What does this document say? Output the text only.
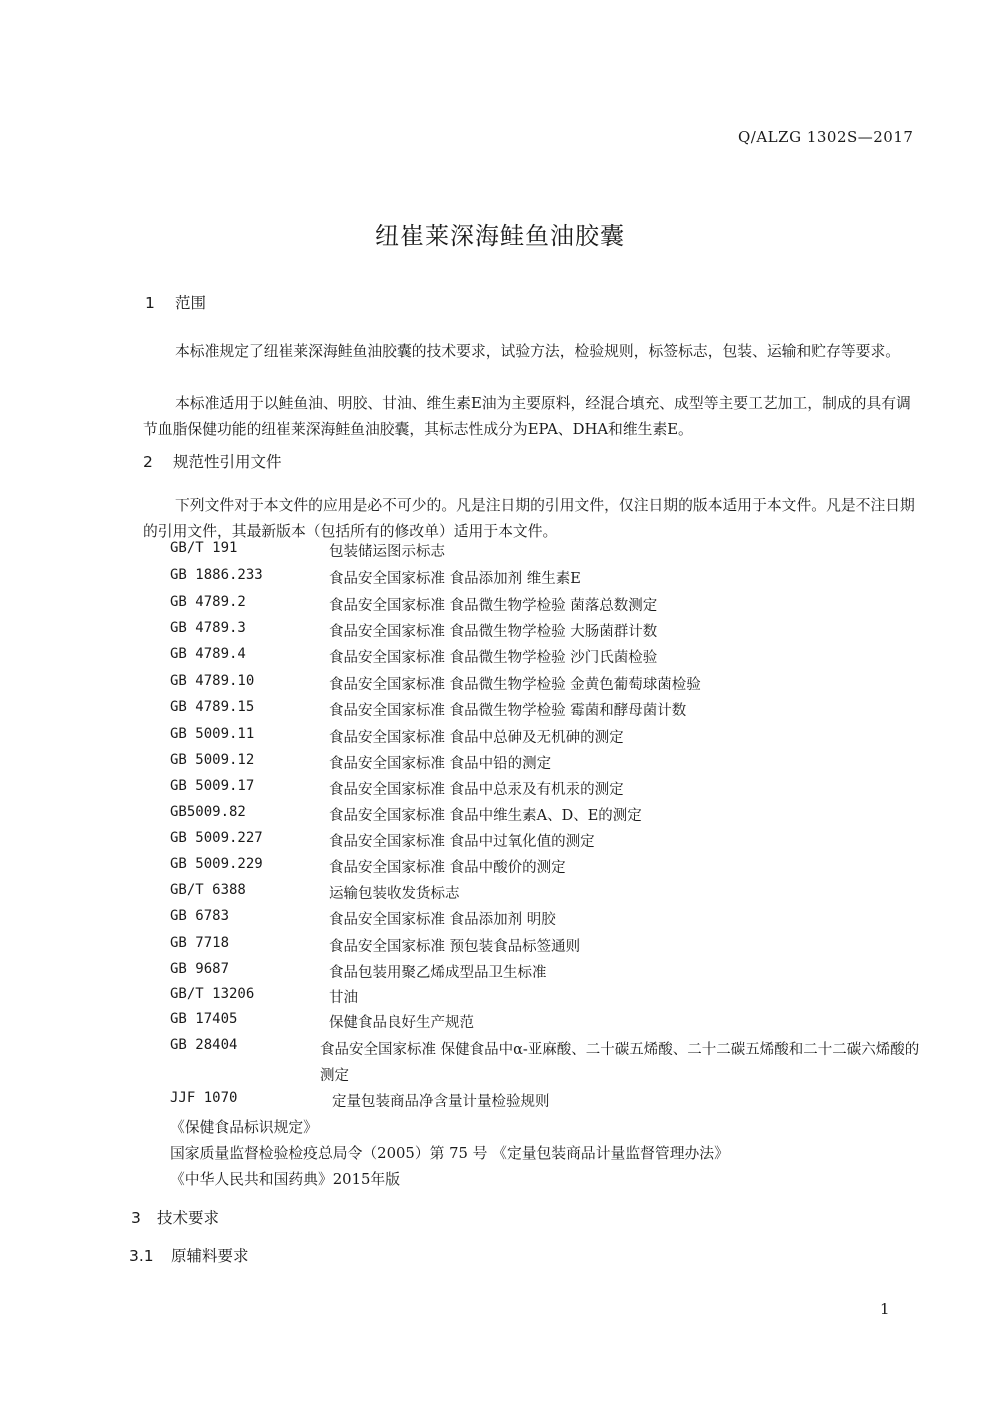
Q/ALZG 1302S—2017
纽崔莱深海鲑鱼油胶囊
1 范围
本标准规定了纽崔莱深海鲑鱼油胶囊的技术要求，试验方法，检验规则，标签标志，包装、运输和贮存等要求。
本标准适用于以鲑鱼油、明胶、甘油、维生素E油为主要原料，经混合填充、成型等主要工艺加工，制成的具有调节血脂保健功能的纽崔莱深海鲑鱼油胶囊，其标志性成分为EPA、DHA和维生素E。
2 规范性引用文件
下列文件对于本文件的应用是必不可少的。凡是注日期的引用文件，仅注日期的版本适用于本文件。凡是不注日期的引用文件，其最新版本（包括所有的修改单）适用于本文件。
GB/T 191	包装储运图示标志
GB 1886.233	食品安全国家标准 食品添加剂 维生素E
GB 4789.2	食品安全国家标准 食品微生物学检验 菌落总数测定
GB 4789.3	食品安全国家标准 食品微生物学检验 大肠菌群计数
GB 4789.4	食品安全国家标准 食品微生物学检验 沙门氏菌检验
GB 4789.10	食品安全国家标准 食品微生物学检验 金黄色葡萄球菌检验
GB 4789.15	食品安全国家标准 食品微生物学检验 霉菌和酵母菌计数
GB 5009.11	食品安全国家标准 食品中总砷及无机砷的测定
GB 5009.12	食品安全国家标准 食品中铅的测定
GB 5009.17	食品安全国家标准 食品中总汞及有机汞的测定
GB5009.82	食品安全国家标准 食品中维生素A、D、E的测定
GB 5009.227	食品安全国家标准 食品中过氧化值的测定
GB 5009.229	食品安全国家标准 食品中酸价的测定
GB/T 6388	运输包装收发货标志
GB 6783	食品安全国家标准 食品添加剂 明胶
GB 7718	食品安全国家标准 预包装食品标签通则
GB 9687	食品包装用聚乙烯成型品卫生标准
GB/T 13206	甘油
GB 17405	保健食品良好生产规范
GB 28404	食品安全国家标准 保健食品中α-亚麻酸、二十碳五烯酸、二十二碳五烯酸和二十二碳六烯酸的测定
JJF 1070	定量包装商品净含量计量检验规则
《保健食品标识规定》
国家质量监督检验检疫总局令（2005）第 75 号 《定量包装商品计量监督管理办法》
《中华人民共和国药典》2015年版
3 技术要求
3.1 原辅料要求
1
